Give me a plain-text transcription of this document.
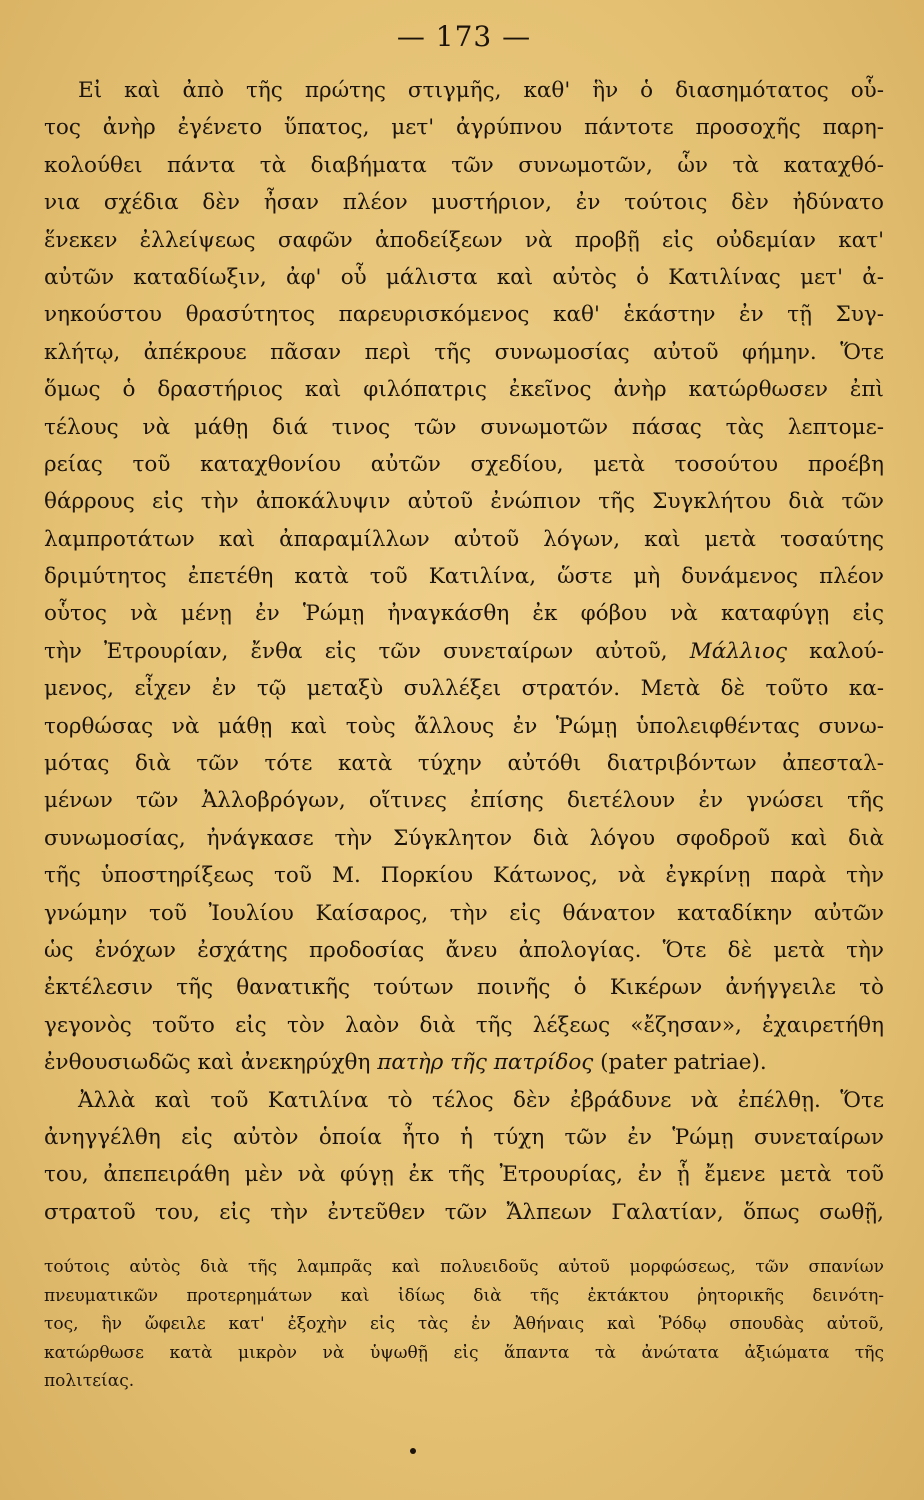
— 173 —
Εἰ καὶ ἀπὸ τῆς πρώτης στιγμῆς, καθ' ἣν ὁ διασημότατος οὗ-
τος ἀνὴρ ἐγένετο ὕπατος, μετ' ἀγρύπνου πάντοτε προσοχῆς παρη-
κολούθει πάντα τὰ διαβήματα τῶν συνωμοτῶν, ὧν τὰ καταχθό-
νια σχέδια δὲν ἦσαν πλέον μυστήριον, ἐν τούτοις δὲν ἠδύνατο
ἕνεκεν ἐλλείψεως σαφῶν ἀποδείξεων νὰ προβῇ εἰς οὐδεμίαν κατ'
αὐτῶν καταδίωξιν, ἀφ' οὗ μάλιστα καὶ αὐτὸς ὁ Κατιλίνας μετ' ἀ-
νηκούστου θρασύτητος παρευρισκόμενος καθ' ἑκάστην ἐν τῇ Συγ-
κλήτῳ, ἀπέκρουε πᾶσαν περὶ τῆς συνωμοσίας αὐτοῦ φήμην. Ὅτε
ὅμως ὁ δραστήριος καὶ φιλόπατρις ἐκεῖνος ἀνὴρ κατώρθωσεν ἐπὶ
τέλους νὰ μάθῃ διά τινος τῶν συνωμοτῶν πάσας τὰς λεπτομε-
ρείας τοῦ καταχθονίου αὐτῶν σχεδίου, μετὰ τοσούτου προέβη
θάρρους εἰς τὴν ἀποκάλυψιν αὐτοῦ ἐνώπιον τῆς Συγκλήτου διὰ τῶν
λαμπροτάτων καὶ ἀπαραμίλλων αὐτοῦ λόγων, καὶ μετὰ τοσαύτης
δριμύτητος ἐπετέθη κατὰ τοῦ Κατιλίνα, ὥστε μὴ δυνάμενος πλέον
οὗτος νὰ μένῃ ἐν Ῥώμῃ ἠναγκάσθη ἐκ φόβου νὰ καταφύγῃ εἰς
τὴν Ἐτρουρίαν, ἔνθα εἰς τῶν συνεταίρων αὐτοῦ, Μάλλιος καλού-
μενος, εἶχεν ἐν τῷ μεταξὺ συλλέξει στρατόν. Μετὰ δὲ τοῦτο κα-
τορθώσας νὰ μάθῃ καὶ τοὺς ἄλλους ἐν Ῥώμῃ ὑπολειφθέντας συνω-
μότας διὰ τῶν τότε κατὰ τύχην αὐτόθι διατριβόντων ἀπεσταλ-
μένων τῶν Ἀλλοβρόγων, οἵτινες ἐπίσης διετέλουν ἐν γνώσει τῆς
συνωμοσίας, ἠνάγκασε τὴν Σύγκλητον διὰ λόγου σφοδροῦ καὶ διὰ
τῆς ὑποστηρίξεως τοῦ Μ. Πορκίου Κάτωνος, νὰ ἐγκρίνῃ παρὰ τὴν
γνώμην τοῦ Ἰουλίου Καίσαρος, τὴν εἰς θάνατον καταδίκην αὐτῶν
ὡς ἐνόχων ἐσχάτης προδοσίας ἄνευ ἀπολογίας. Ὅτε δὲ μετὰ τὴν
ἐκτέλεσιν τῆς θανατικῆς τούτων ποινῆς ὁ Κικέρων ἀνήγγειλε τὸ
γεγονὸς τοῦτο εἰς τὸν λαὸν διὰ τῆς λέξεως «ἔζησαν», ἐχαιρετήθη
ἐνθουσιωδῶς καὶ ἀνεκηρύχθη πατὴρ τῆς πατρίδος (pater patriae).
Ἀλλὰ καὶ τοῦ Κατιλίνα τὸ τέλος δὲν ἐβράδυνε νὰ ἐπέλθῃ. Ὅτε
ἀνηγγέλθη εἰς αὐτὸν ὁποία ἦτο ἡ τύχη τῶν ἐν Ῥώμῃ συνεταίρων
του, ἀπεπειράθη μὲν νὰ φύγῃ ἐκ τῆς Ἐτρουρίας, ἐν ᾗ ἔμενε μετὰ τοῦ
στρατοῦ του, εἰς τὴν ἐντεῦθεν τῶν Ἄλπεων Γαλατίαν, ὅπως σωθῇ,
τούτοις αὐτὸς διὰ τῆς λαμπρᾶς καὶ πολυειδοῦς αὐτοῦ μορφώσεως, τῶν σπανίων
πνευματικῶν προτερημάτων καὶ ἰδίως διὰ τῆς ἐκτάκτου ῥητορικῆς δεινότη-
τος, ἣν ὤφειλε κατ' ἐξοχὴν εἰς τὰς ἐν Ἀθήναις καὶ Ῥόδῳ σπουδὰς αὐτοῦ,
κατώρθωσε κατὰ μικρὸν νὰ ὑψωθῇ εἰς ἅπαντα τὰ ἀνώτατα ἀξιώματα τῆς
πολιτείας.
